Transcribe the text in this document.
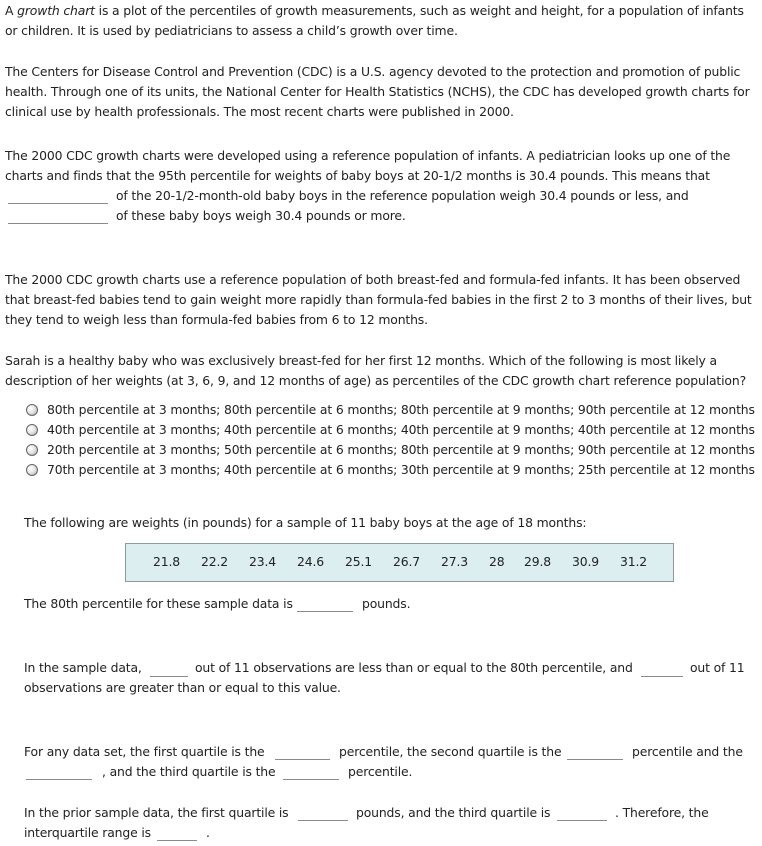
A growth chart is a plot of the percentiles of growth measurements, such as weight and height, for a population of infants
or children. It is used by pediatricians to assess a child’s growth over time.
The Centers for Disease Control and Prevention (CDC) is a U.S. agency devoted to the protection and promotion of public
health. Through one of its units, the National Center for Health Statistics (NCHS), the CDC has developed growth charts for
clinical use by health professionals. The most recent charts were published in 2000.
The 2000 CDC growth charts were developed using a reference population of infants. A pediatrician looks up one of the
charts and finds that the 95th percentile for weights of baby boys at 20-1/2 months is 30.4 pounds. This means that
of the 20-1/2-month-old baby boys in the reference population weigh 30.4 pounds or less, and
of these baby boys weigh 30.4 pounds or more.
The 2000 CDC growth charts use a reference population of both breast-fed and formula-fed infants. It has been observed
that breast-fed babies tend to gain weight more rapidly than formula-fed babies in the first 2 to 3 months of their lives, but
they tend to weigh less than formula-fed babies from 6 to 12 months.
Sarah is a healthy baby who was exclusively breast-fed for her first 12 months. Which of the following is most likely a
description of her weights (at 3, 6, 9, and 12 months of age) as percentiles of the CDC growth chart reference population?
80th percentile at 3 months; 80th percentile at 6 months; 80th percentile at 9 months; 90th percentile at 12 months
40th percentile at 3 months; 40th percentile at 6 months; 40th percentile at 9 months; 40th percentile at 12 months
20th percentile at 3 months; 50th percentile at 6 months; 80th percentile at 9 months; 90th percentile at 12 months
70th percentile at 3 months; 40th percentile at 6 months; 30th percentile at 9 months; 25th percentile at 12 months
The following are weights (in pounds) for a sample of 11 baby boys at the age of 18 months:
21.8 22.2 23.4 24.6 25.1 26.7 27.3 28 29.8 30.9 31.2
The 80th percentile for these sample data is	pounds.
In the sample data,	out of 11 observations are less than or equal to the 80th percentile, and	out of 11
observations are greater than or equal to this value.
For any data set, the first quartile is the	percentile, the second quartile is the	percentile and the
, and the third quartile is the	percentile.
In the prior sample data, the first quartile is	pounds, and the third quartile is	. Therefore, the
interquartile range is	.
